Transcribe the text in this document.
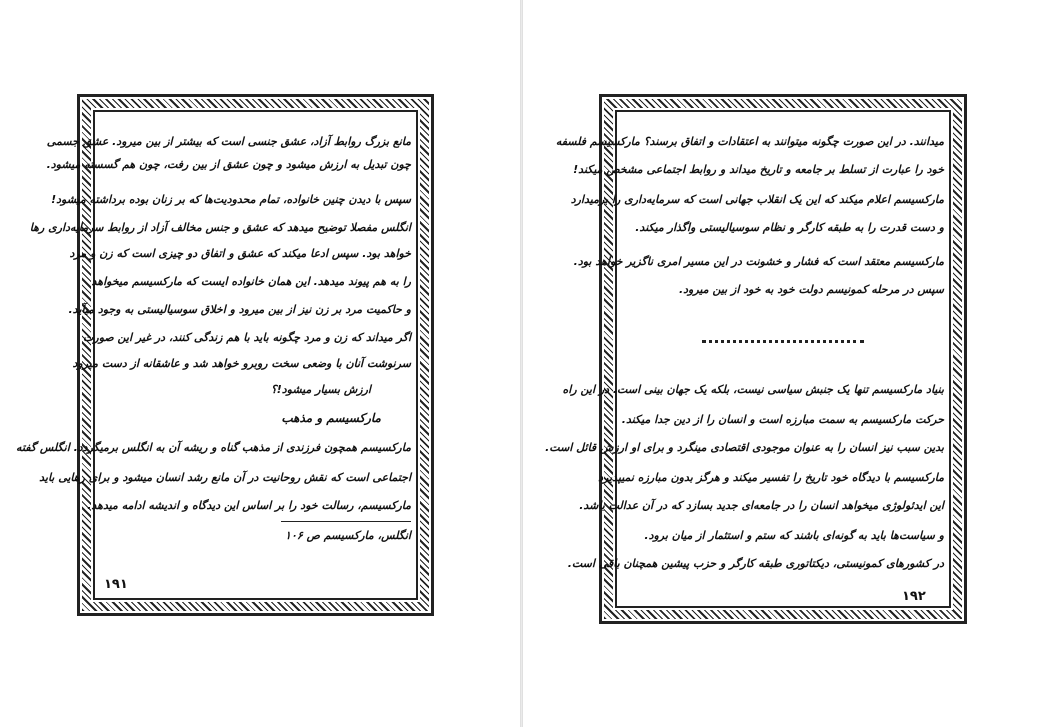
مانع بزرگ روابط آزاد، عشق جنسی است که بیشتر از بین میرود. عشق جسمی
چون تبدیل به ارزش میشود و چون عشق از بین رفت، چون هم گسسته میشود.
سپس با دیدن چنین خانواده، تمام محدودیت‌ها که بر زنان بوده برداشته میشود!
انگلس مفصلا توضیح میدهد که عشق و جنس مخالف آزاد از روابط سرمایه‌داری رها
خواهد بود. سپس ادعا میکند که عشق و اتفاق دو چیزی است که زن و مرد
را به هم پیوند میدهد. این همان خانواده ایست که مارکسیسم میخواهد
و حاکمیت مرد بر زن نیز از بین میرود و اخلاق سوسیالیستی به وجود میآید.
اگر میداند که زن و مرد چگونه باید با هم زندگی کنند، در غیر این صورت
سرنوشت آنان با وضعی سخت روبرو خواهد شد و عاشقانه از دست میرود
ارزش بسیار میشود!؟
مارکسیسم و مذهب
مارکسیسم همچون فرزندی از مذهب گناه و ریشه آن به انگلس برمیگردد. انگلس گفته
اجتماعی است که نقش روحانیت در آن مانع رشد انسان میشود و برای رهایی باید
مارکسیسم، رسالت خود را بر اساس این دیدگاه و اندیشه ادامه میدهد.
انگلس، مارکسیسم ص ۱۰۶
۱۹۱
میدانند. در این صورت چگونه میتوانند به اعتقادات و اتفاق برسند؟ مارکسیسم فلسفه
خود را عبارت از تسلط بر جامعه و تاریخ میداند و روابط اجتماعی مشخص میکند!
مارکسیسم اعلام میکند که این یک انقلاب جهانی است که سرمایه‌داری را برمیدارد
و دست قدرت را به طبقه کارگر و نظام سوسیالیستی واگذار میکند.
مارکسیسم معتقد است که فشار و خشونت در این مسیر امری ناگزیر خواهد بود.
سپس در مرحله کمونیسم دولت خود به خود از بین میرود.
بنیاد مارکسیسم تنها یک جنبش سیاسی نیست، بلکه یک جهان بینی است. در این راه
حرکت مارکسیسم به سمت مبارزه است و انسان را از دین جدا میکند.
بدین سبب نیز انسان را به عنوان موجودی اقتصادی مینگرد و برای او ارزش قائل است.
مارکسیسم با دیدگاه خود تاریخ را تفسیر میکند و هرگز بدون مبارزه نمیپذیرد
این ایدئولوژی میخواهد انسان را در جامعه‌ای جدید بسازد که در آن عدالت باشد.
و سیاست‌ها باید به گونه‌ای باشند که ستم و استثمار از میان برود.
در کشورهای کمونیستی، دیکتاتوری طبقه کارگر و حزب پیشین همچنان باقی است.
۱۹۲
